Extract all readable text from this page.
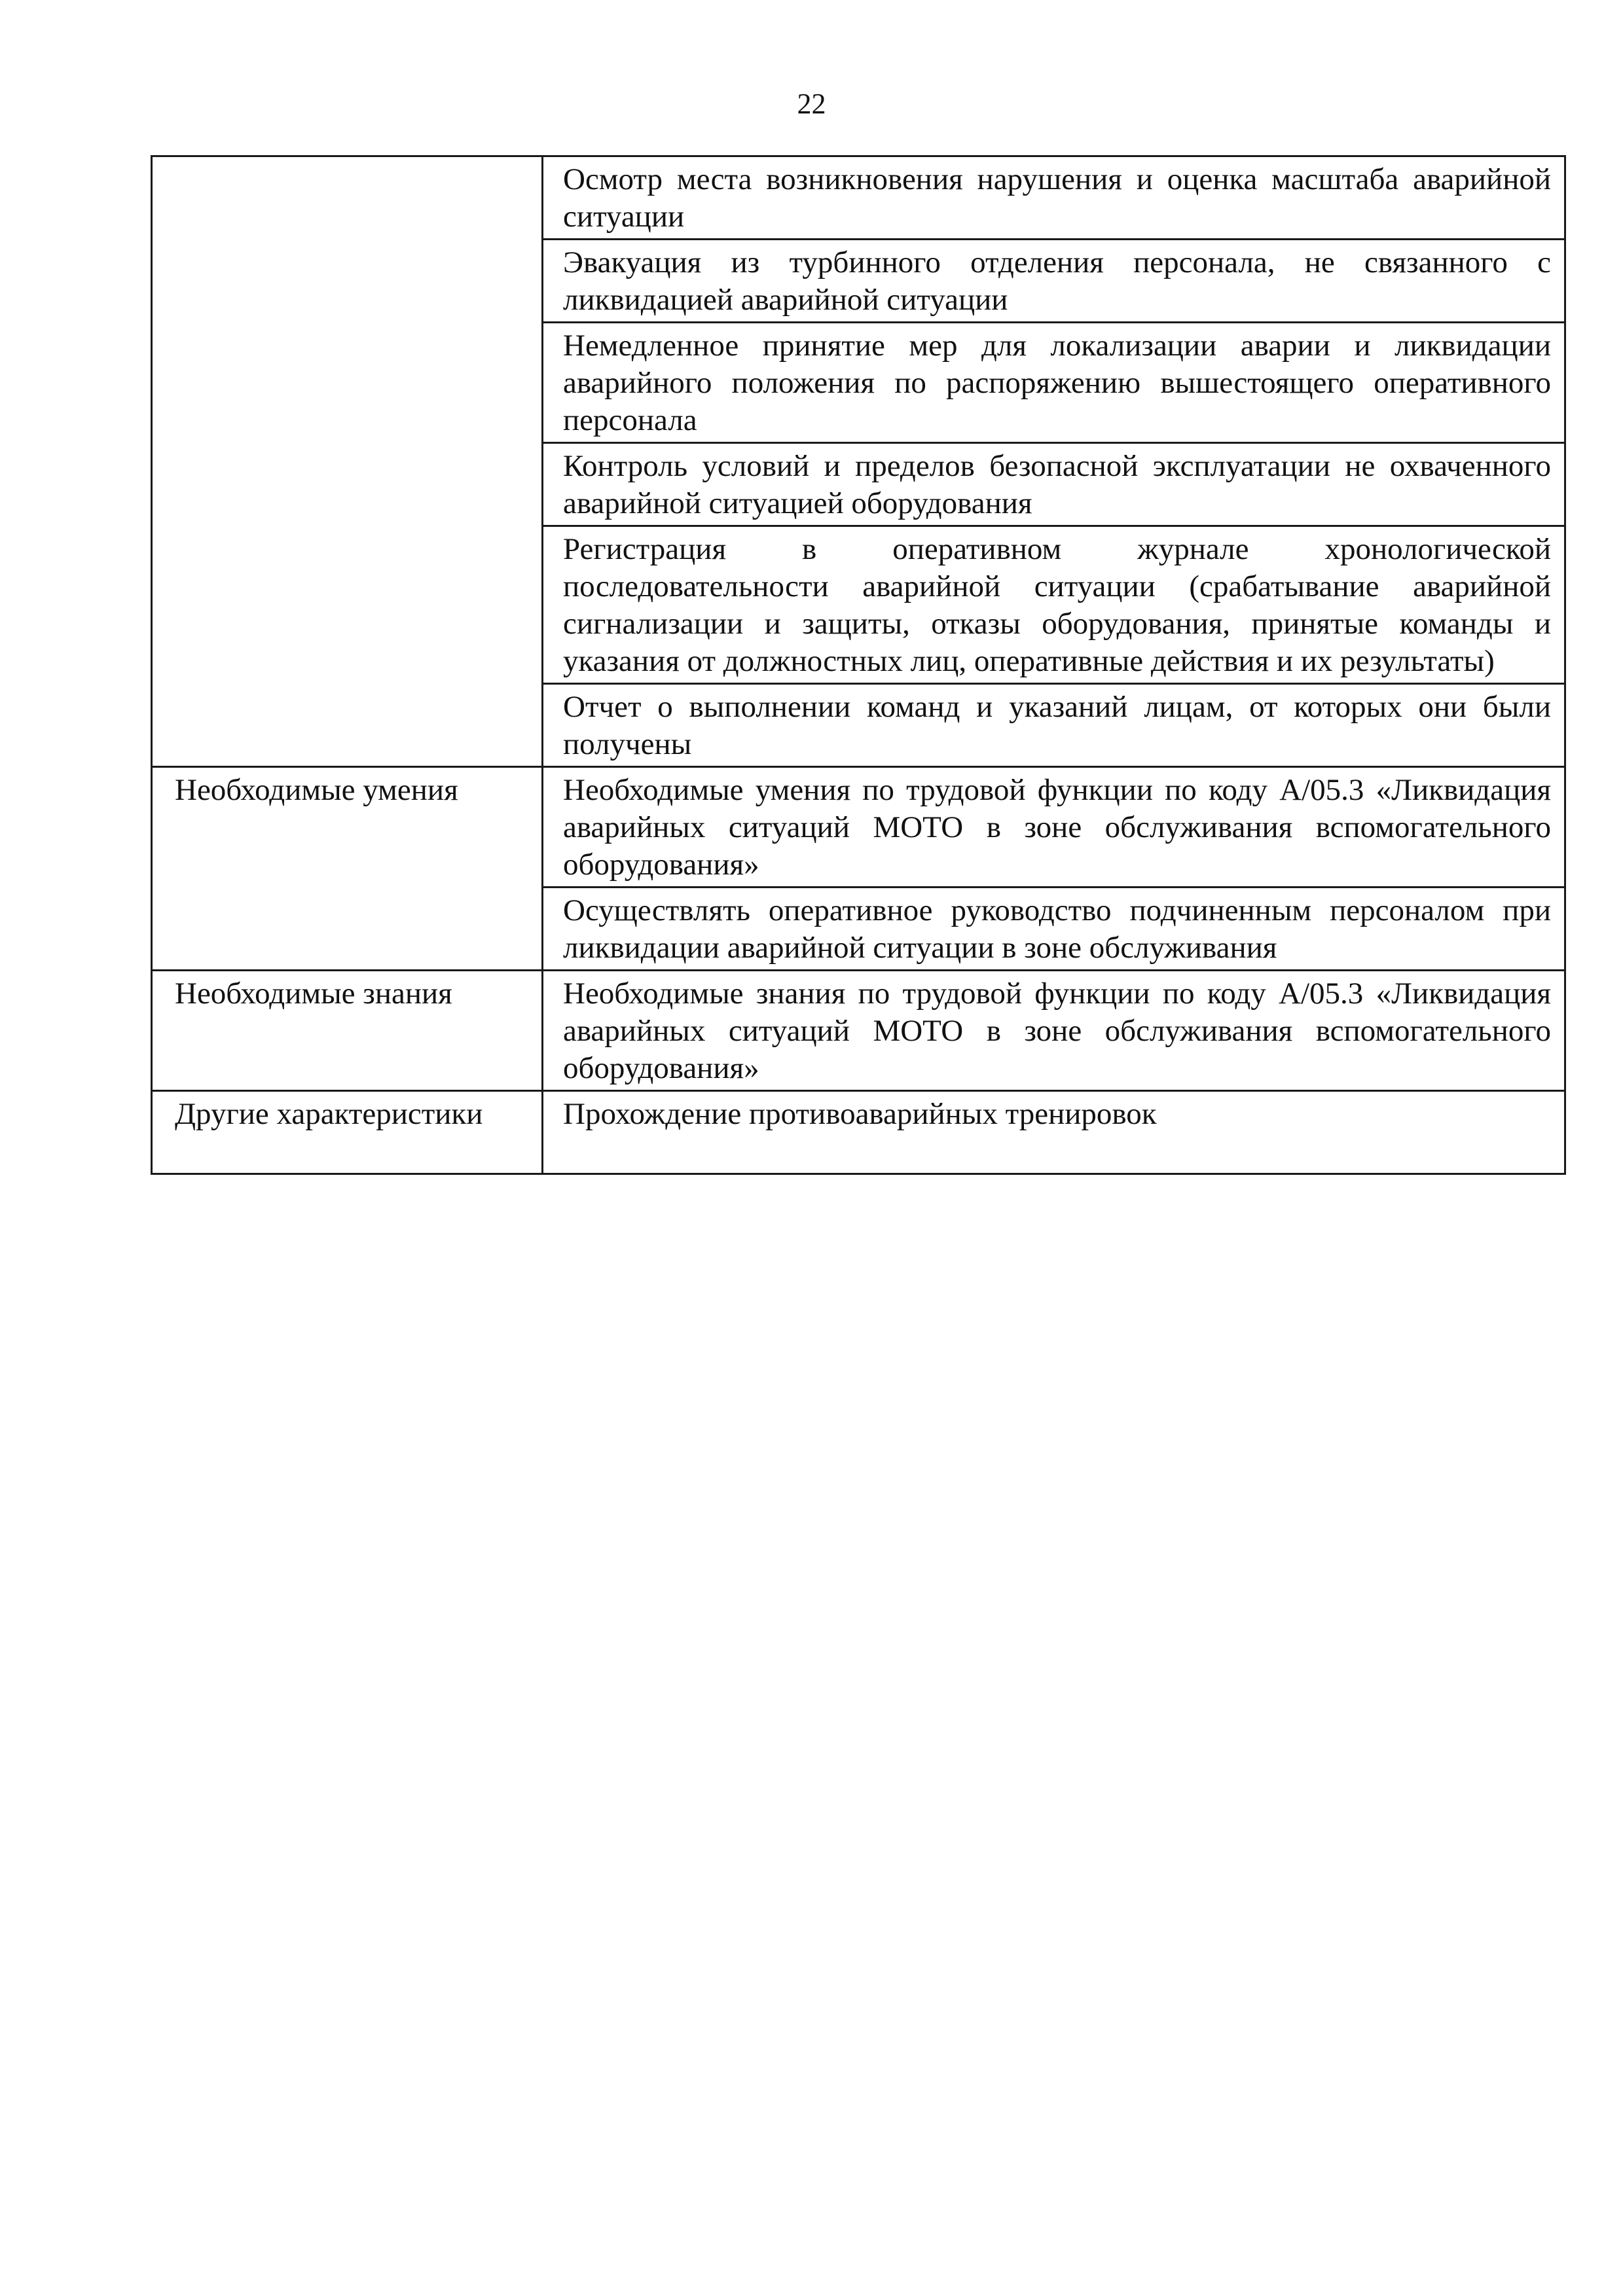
22
	Осмотр места возникновения нарушения и оценка масштаба аварийной ситуации
	Эвакуация из турбинного отделения персонала, не связанного с ликвидацией аварийной ситуации
	Немедленное принятие мер для локализации аварии и ликвидации аварийного положения по распоряжению вышестоящего оперативного персонала
	Контроль условий и пределов безопасной эксплуатации не охваченного аварийной ситуацией оборудования
	Регистрация в оперативном журнале хронологической последовательности аварийной ситуации (срабатывание аварийной сигнализации и защиты, отказы оборудования, принятые команды и указания от должностных лиц, оперативные действия и их результаты)
	Отчет о выполнении команд и указаний лицам, от которых они были получены
Необходимые умения	Необходимые умения по трудовой функции по коду А/05.3 «Ликвидация аварийных ситуаций МОТО в зоне обслуживания вспомогательного оборудования»
	Осуществлять оперативное руководство подчиненным персоналом при ликвидации аварийной ситуации в зоне обслуживания
Необходимые знания	Необходимые знания по трудовой функции по коду А/05.3 «Ликвидация аварийных ситуаций МОТО в зоне обслуживания вспомогательного оборудования»
Другие характеристики	Прохождение противоаварийных тренировок
